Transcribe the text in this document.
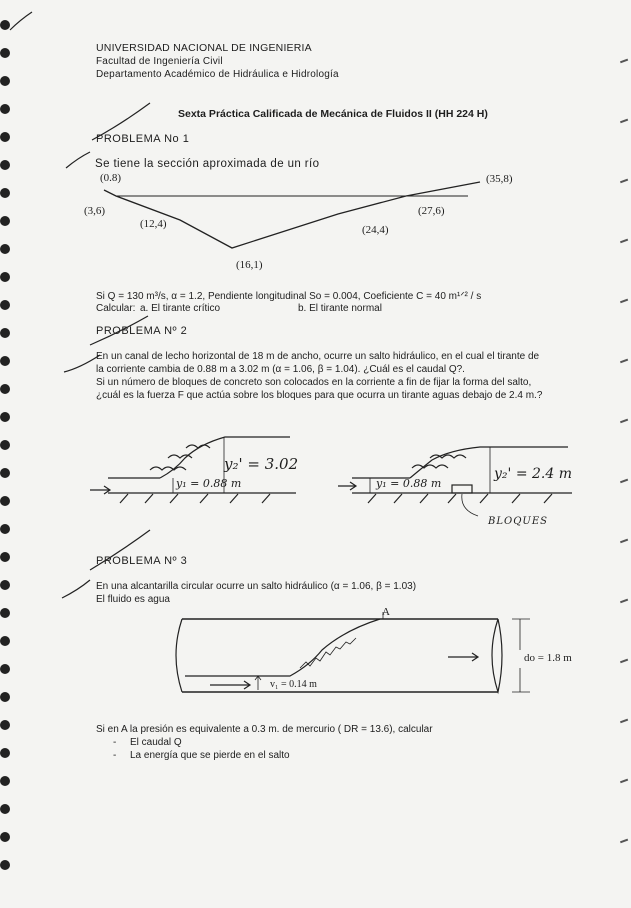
UNIVERSIDAD NACIONAL DE INGENIERIA
Facultad de Ingeniería Civil
Departamento Académico de Hidráulica e Hidrología
Sexta Práctica Calificada de Mecánica de Fluidos II (HH 224 H)
PROBLEMA No 1
Se tiene la sección aproximada de un río
(0.8)
(3,6)
(12,4)
(16,1)
(24,4)
(27,6)
(35,8)
Si Q = 130 m³/s, α = 1.2, Pendiente longitudinal So = 0.004, Coeficiente C = 40 m¹ᐟ² / s
Calcular: a. El tirante crítico	b. El tirante normal
PROBLEMA Nº 2
En un canal de lecho horizontal de 18 m de ancho, ocurre un salto hidráulico, en el cual el tirante de
la corriente cambia de 0.88 m a 3.02 m (α = 1.06, β = 1.04). ¿Cuál es el caudal Q?.
Si un número de bloques de concreto son colocados en la corriente a fin de fijar la forma del salto,
¿cuál es la fuerza F que actúa sobre los bloques para que ocurra un tirante aguas debajo de 2.4 m.?
y₁ = 0.88 m
y₂' = 3.02
y₁ = 0.88 m
y₂' = 2.4 m
BLOQUES
PROBLEMA Nº 3
En una alcantarilla circular ocurre un salto hidráulico (α = 1.06, β = 1.03)
El fluido es agua
A
v₁ = 0.14 m
do = 1.8 m
Si en A la presión es equivalente a 0.3 m. de mercurio ( DR = 13.6), calcular
- El caudal Q
- La energía que se pierde en el salto
